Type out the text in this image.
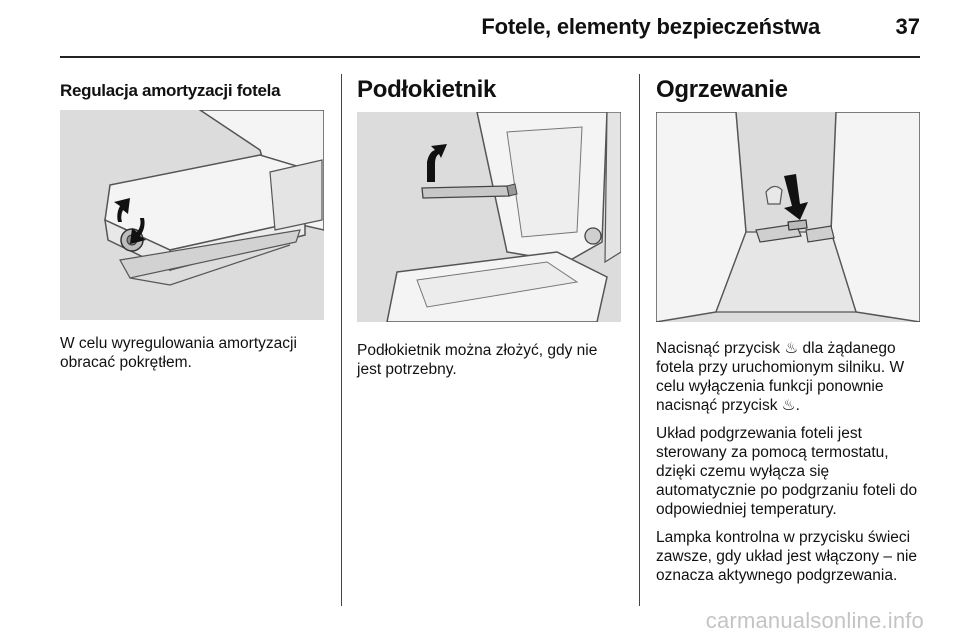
Fotele, elementy bezpieczeństwa	37
Regulacja amortyzacji fotela

W celu wyregulowania amortyzacji obracać pokrętłem.

Podłokietnik

Podłokietnik można złożyć, gdy nie jest potrzebny.

Ogrzewanie

Nacisnąć przycisk ♨ dla żądanego fotela przy uruchomionym silniku. W celu wyłączenia funkcji ponownie nacisnąć przycisk ♨.

Układ podgrzewania foteli jest sterowany za pomocą termostatu, dzięki czemu wyłącza się automatycznie po podgrzaniu foteli do odpowiedniej temperatury.

Lampka kontrolna w przycisku świeci zawsze, gdy układ jest włączony – nie oznacza aktywnego podgrzewania.

carmanualsonline.info
